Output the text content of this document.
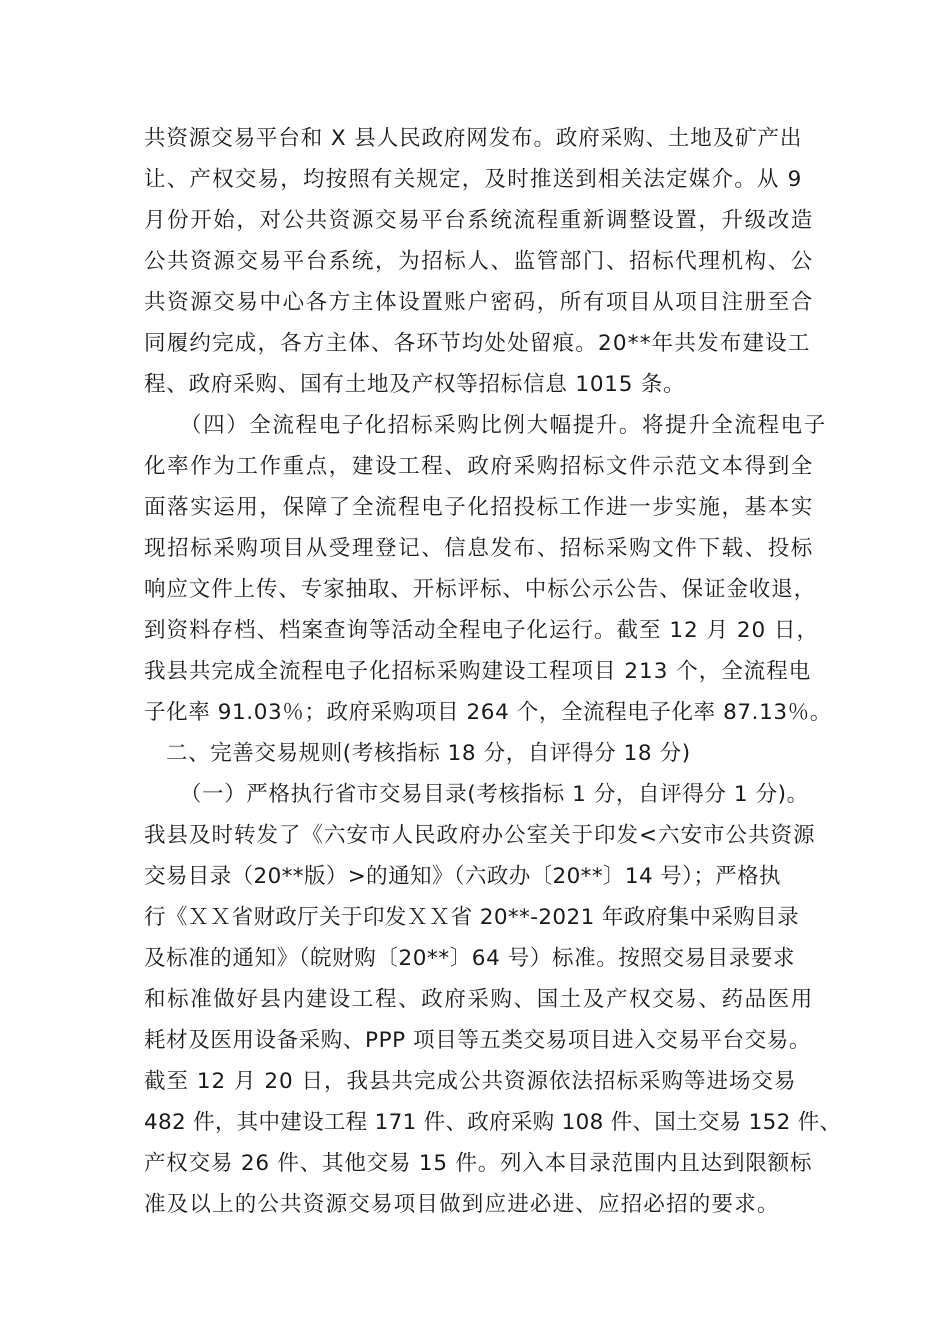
共资源交易平台和 X 县人民政府网发布。政府采购、土地及矿产出
让、产权交易，均按照有关规定，及时推送到相关法定媒介。从 9
月份开始，对公共资源交易平台系统流程重新调整设置，升级改造
公共资源交易平台系统，为招标人、监管部门、招标代理机构、公
共资源交易中心各方主体设置账户密码，所有项目从项目注册至合
同履约完成，各方主体、各环节均处处留痕。20**年共发布建设工
程、政府采购、国有土地及产权等招标信息 1015 条。
（四）全流程电子化招标采购比例大幅提升。将提升全流程电子
化率作为工作重点，建设工程、政府采购招标文件示范文本得到全
面落实运用，保障了全流程电子化招投标工作进一步实施，基本实
现招标采购项目从受理登记、信息发布、招标采购文件下载、投标
响应文件上传、专家抽取、开标评标、中标公示公告、保证金收退，
到资料存档、档案查询等活动全程电子化运行。截至 12 月 20 日，
我县共完成全流程电子化招标采购建设工程项目 213 个，全流程电
子化率 91.03％；政府采购项目 264 个，全流程电子化率 87.13％。
二、完善交易规则(考核指标 18 分，自评得分 18 分)
（一）严格执行省市交易目录(考核指标 1 分，自评得分 1 分)。
我县及时转发了《六安市人民政府办公室关于印发<六安市公共资源
交易目录（20**版）>的通知》（六政办〔20**〕14 号）；严格执
行《ＸＸ省财政厅关于印发ＸＸ省 20**-2021 年政府集中采购目录
及标准的通知》（皖财购〔20**〕64 号）标准。按照交易目录要求
和标准做好县内建设工程、政府采购、国土及产权交易、药品医用
耗材及医用设备采购、PPP 项目等五类交易项目进入交易平台交易。
截至 12 月 20 日，我县共完成公共资源依法招标采购等进场交易
482 件，其中建设工程 171 件、政府采购 108 件、国土交易 152 件、
产权交易 26 件、其他交易 15 件。列入本目录范围内且达到限额标
准及以上的公共资源交易项目做到应进必进、应招必招的要求。
